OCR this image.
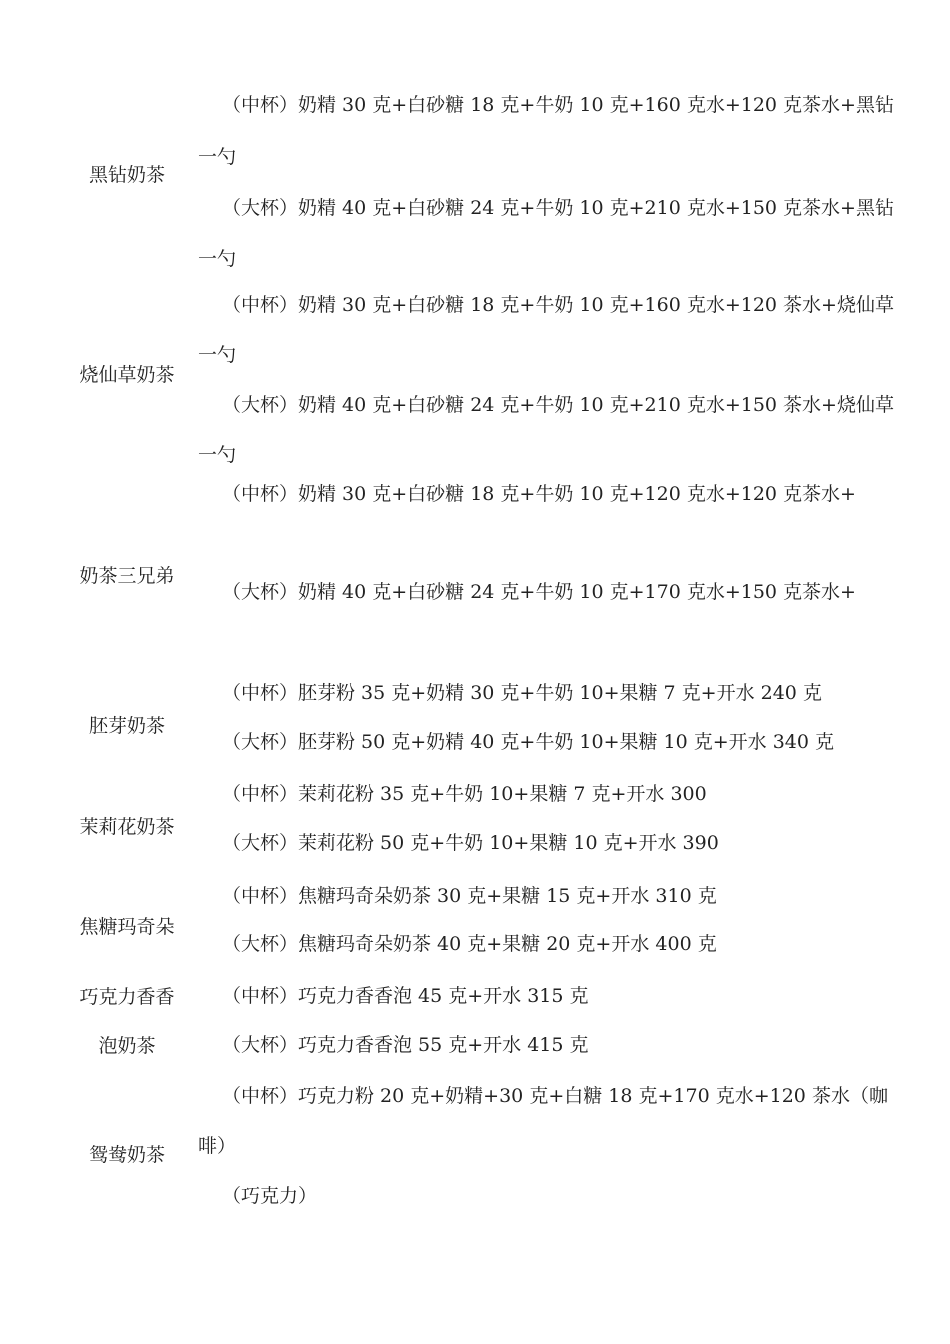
黑钻奶茶
（中杯）奶精 30 克+白砂糖 18 克+牛奶 10 克+160 克水+120 克茶水+黑钻
一勺
（大杯）奶精 40 克+白砂糖 24 克+牛奶 10 克+210 克水+150 克茶水+黑钻
一勺
烧仙草奶茶
（中杯）奶精 30 克+白砂糖 18 克+牛奶 10 克+160 克水+120 茶水+烧仙草
一勺
（大杯）奶精 40 克+白砂糖 24 克+牛奶 10 克+210 克水+150 茶水+烧仙草
一勺
奶茶三兄弟
（中杯）奶精 30 克+白砂糖 18 克+牛奶 10 克+120 克水+120 克茶水+
（大杯）奶精 40 克+白砂糖 24 克+牛奶 10 克+170 克水+150 克茶水+
胚芽奶茶
（中杯）胚芽粉 35 克+奶精 30 克+牛奶 10+果糖 7 克+开水 240 克
（大杯）胚芽粉 50 克+奶精 40 克+牛奶 10+果糖 10 克+开水 340 克
茉莉花奶茶
（中杯）茉莉花粉 35 克+牛奶 10+果糖 7 克+开水 300
（大杯）茉莉花粉 50 克+牛奶 10+果糖 10 克+开水 390
焦糖玛奇朵
（中杯）焦糖玛奇朵奶茶 30 克+果糖 15 克+开水 310 克
（大杯）焦糖玛奇朵奶茶 40 克+果糖 20 克+开水 400 克
巧克力香香
泡奶茶
（中杯）巧克力香香泡 45 克+开水 315 克
（大杯）巧克力香香泡 55 克+开水 415 克
鸳鸯奶茶
（中杯）巧克力粉 20 克+奶精+30 克+白糖 18 克+170 克水+120 茶水（咖
啡）
（巧克力）
